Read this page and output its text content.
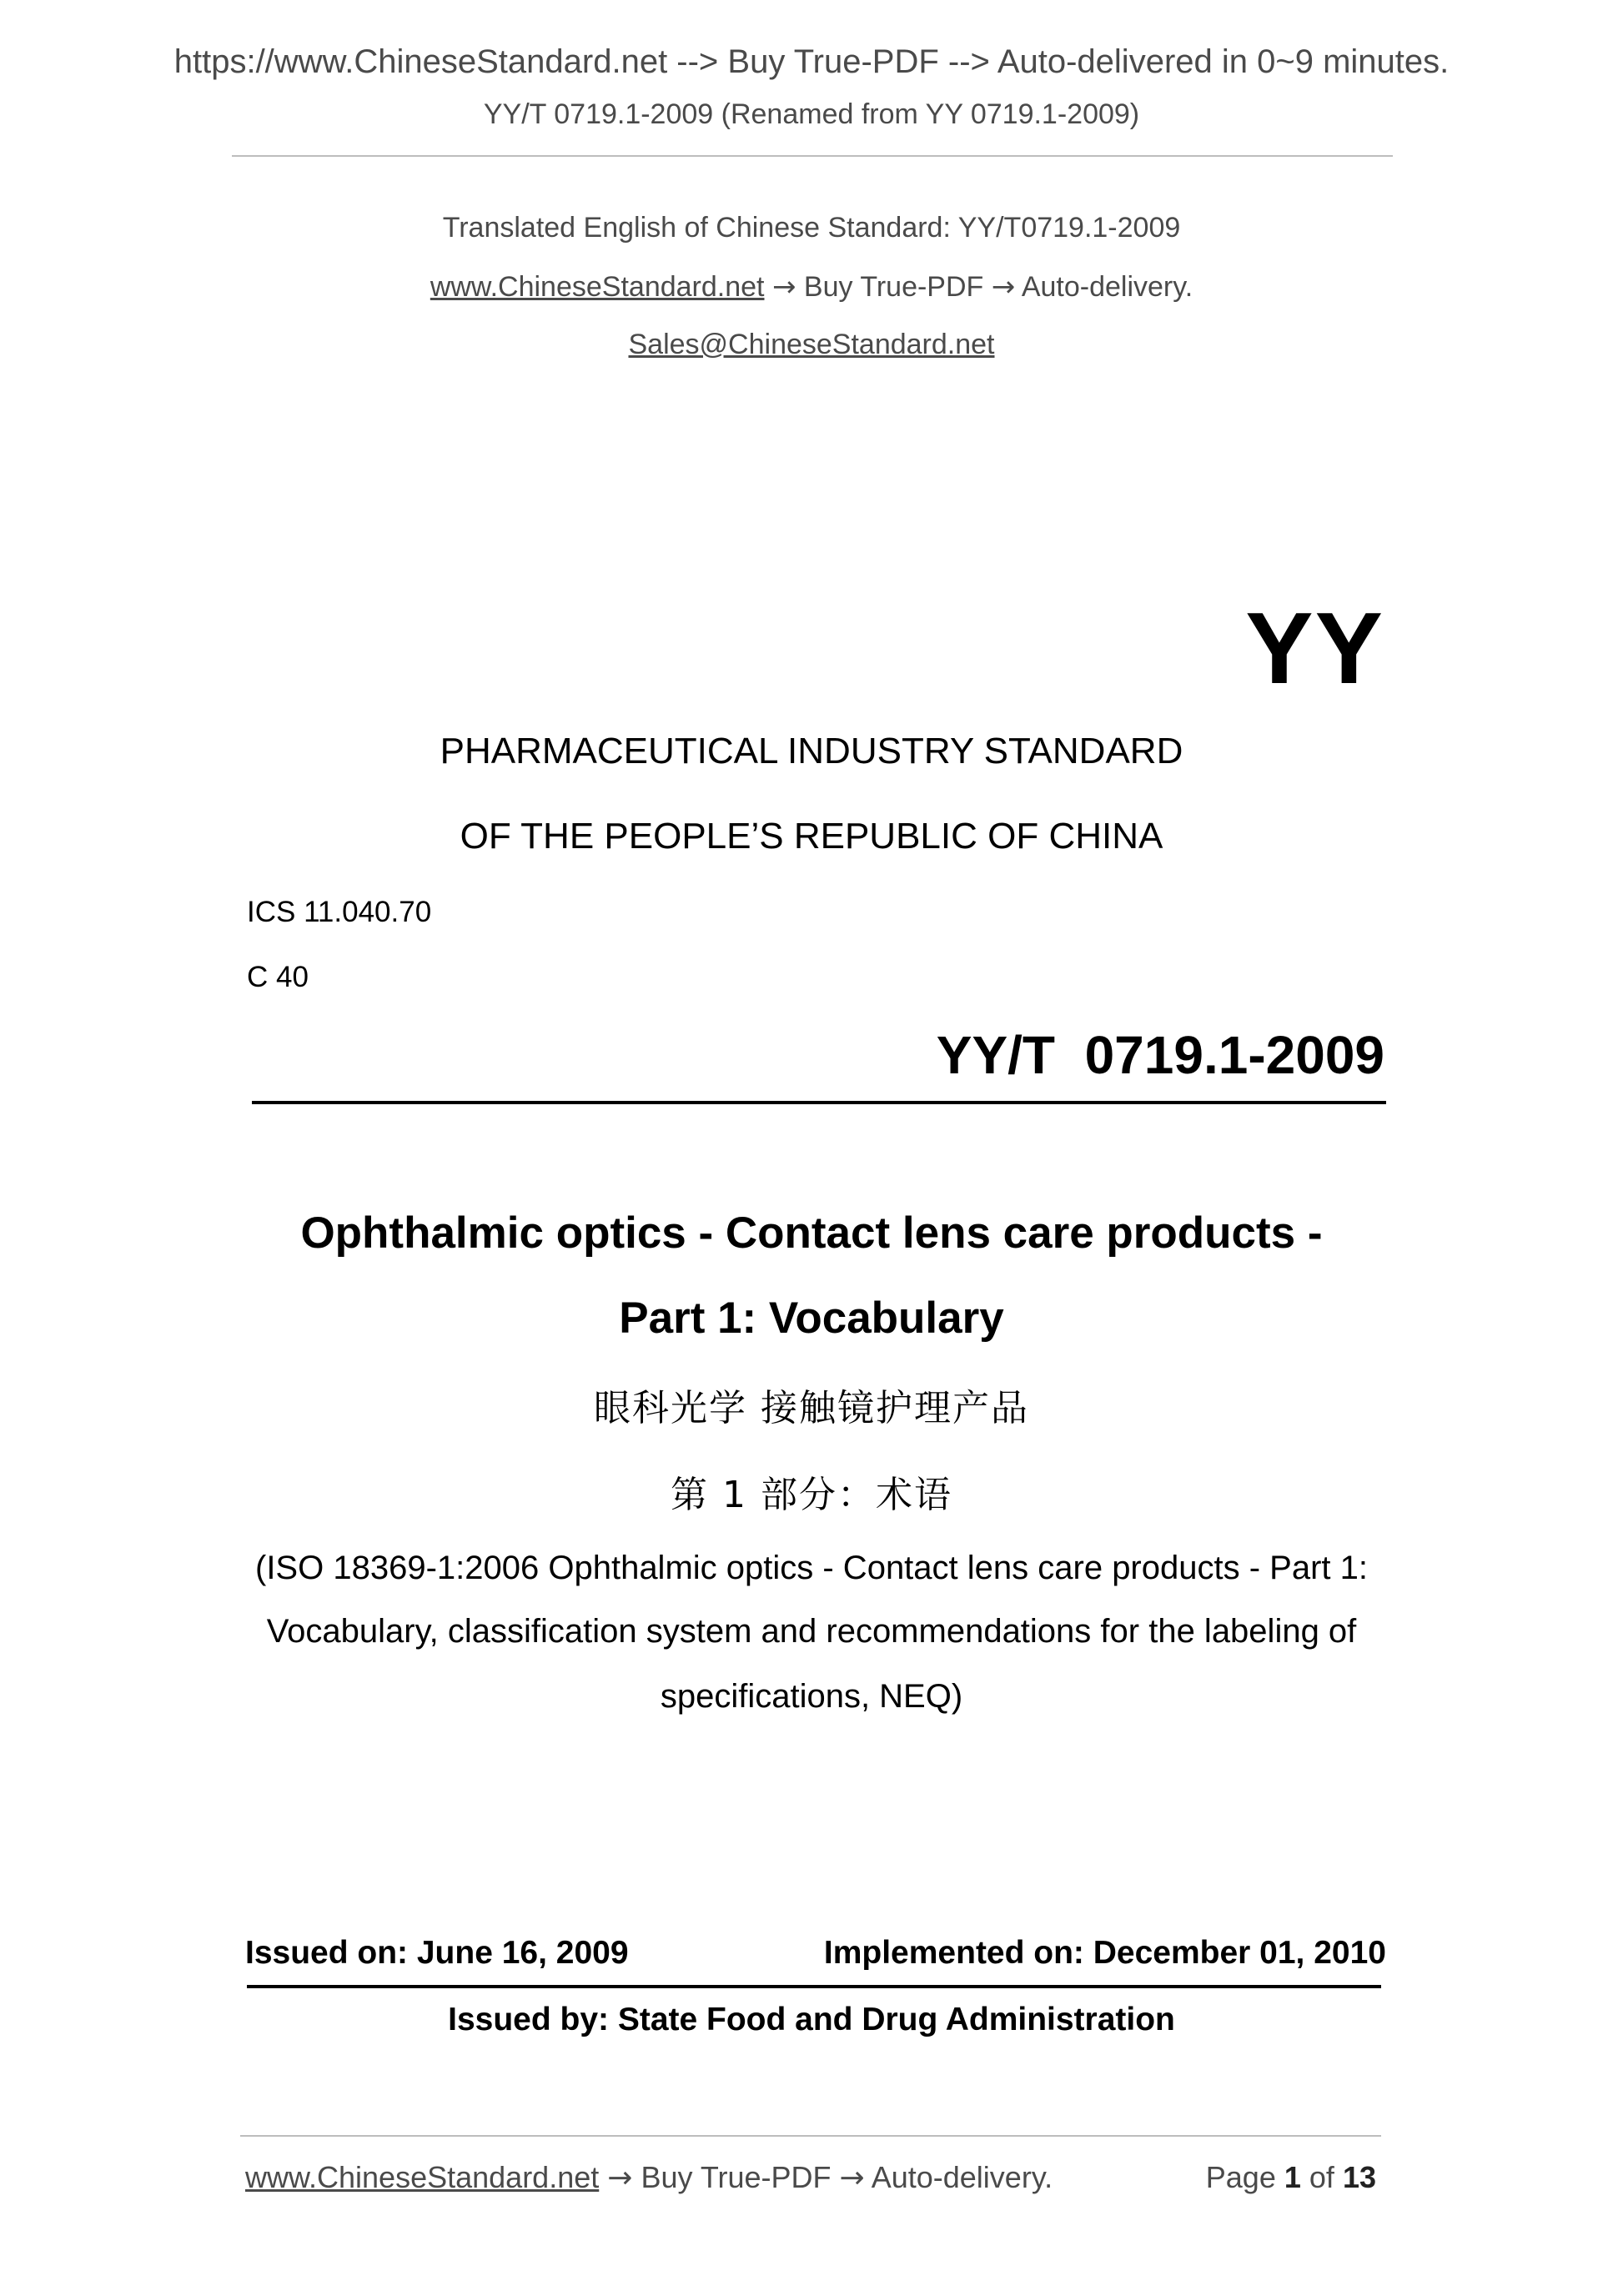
https://www.ChineseStandard.net --> Buy True-PDF --> Auto-delivered in 0~9 minutes.
YY/T 0719.1-2009 (Renamed from YY 0719.1-2009)
Translated English of Chinese Standard: YY/T0719.1-2009
www.ChineseStandard.net → Buy True-PDF → Auto-delivery.
Sales@ChineseStandard.net
YY
PHARMACEUTICAL INDUSTRY STANDARD
OF THE PEOPLE’S REPUBLIC OF CHINA
ICS 11.040.70
C 40
YY/T  0719.1-2009
Ophthalmic optics - Contact lens care products -
Part 1: Vocabulary
眼科光学 接触镜护理产品
第 1 部分：术语
(ISO 18369-1:2006 Ophthalmic optics - Contact lens care products - Part 1:
Vocabulary, classification system and recommendations for the labeling of
specifications, NEQ)
Issued on: June 16, 2009	Implemented on: December 01, 2010
Issued by: State Food and Drug Administration
www.ChineseStandard.net → Buy True-PDF → Auto-delivery.	Page 1 of 13
